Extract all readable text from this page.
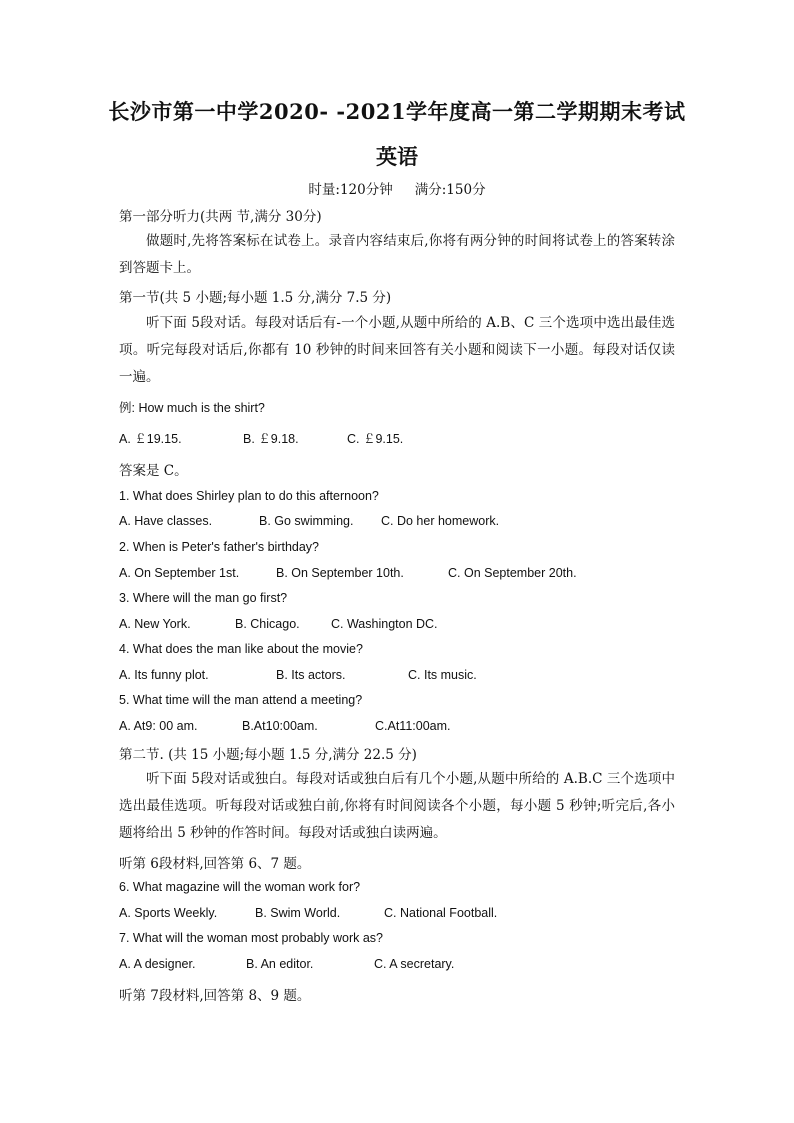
长沙市第一中学2020- -2021学年度高一第二学期期末考试
英语
时量:120分钟 满分:150分
第一部分听力(共两 节,满分 30分)
做题时,先将答案标在试卷上。录音内容结束后,你将有两分钟的时间将试卷上的答案转涂到答题卡上。
第一节(共 5 小题;每小题 1.5 分,满分 7.5 分)
听下面 5段对话。每段对话后有-一个小题,从题中所给的 A.B、C 三个选项中选出最佳选项。听完每段对话后,你都有 10 秒钟的时间来回答有关小题和阅读下一小题。每段对话仅读一遍。
例: How much is the shirt?
A. ￡19.15.	B. ￡9.18.	C. ￡9.15.
答案是 C。
1. What does Shirley plan to do this afternoon?
A. Have classes.	B. Go swimming. C. Do her homework.
2. When is Peter's father's birthday?
A. On September 1st.	B. On September 10th.	C. On September 20th.
3. Where will the man go first?
A. New York.	B. Chicago.	C. Washington DC.
4. What does the man like about the movie?
A. Its funny plot.	B. Its actors.	C. Its music.
5. What time will the man attend a meeting?
A. At9: 00 am.	B.At10:00am.	C.At11:00am.
第二节. (共 15 小题;每小题 1.5 分,满分 22.5 分)
听下面 5段对话或独白。每段对话或独白后有几个小题,从题中所给的 A.B.C 三个选项中选出最佳选项。听每段对话或独白前,你将有时间阅读各个小题，每小题 5 秒钟;听完后,各小题将给出 5 秒钟的作答时间。每段对话或独白读两遍。
听第 6段材料,回答第 6、7 题。
6. What magazine will the woman work for?
A. Sports Weekly.	B. Swim World.	C. National Football.
7. What will the woman most probably work as?
A. A designer.	B. An editor.	C. A secretary.
听第 7段材料,回答第 8、9 题。
